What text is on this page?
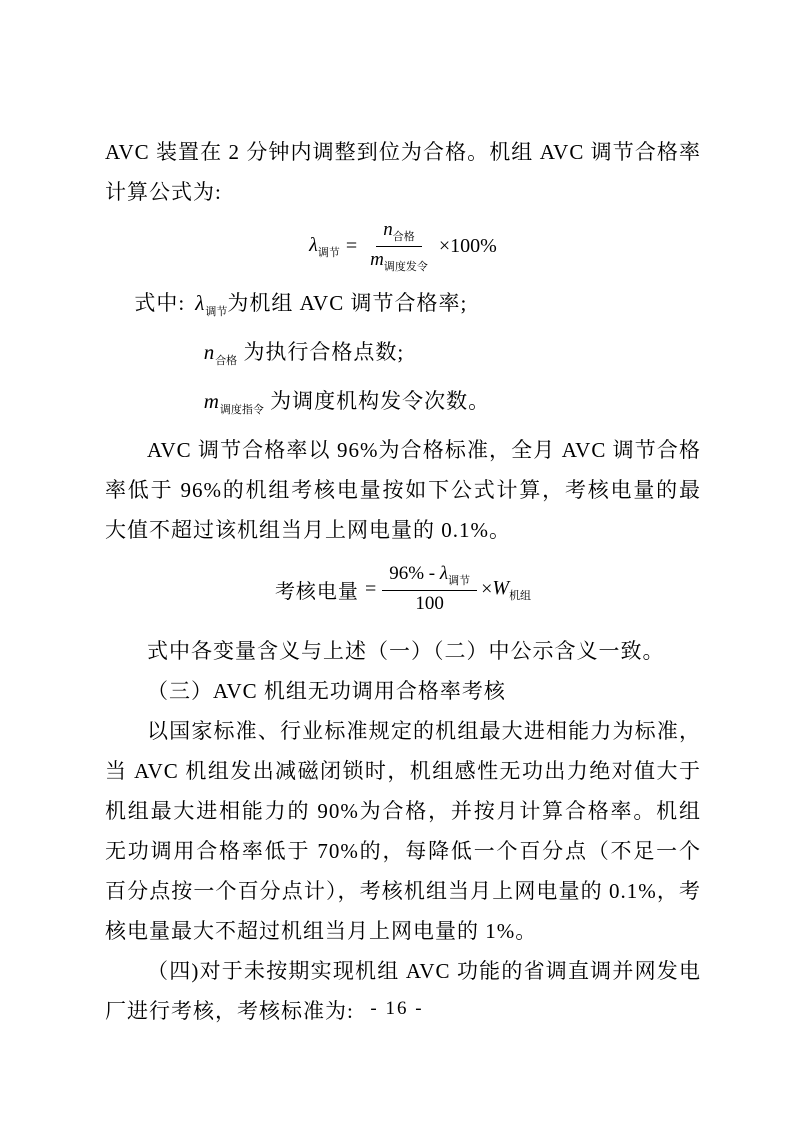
AVC 装置在 2 分钟内调整到位为合格。机组 AVC 调节合格率计算公式为:

$\lambda_{调节} = \frac{n_{合格}}{m_{调度发令}} \times 100\%$

式中: $\lambda_{调节}$为机组 AVC 调节合格率;

$n_{合格}$ 为执行合格点数;

$m_{调度指令}$ 为调度机构发令次数。

AVC 调节合格率以 96%为合格标准，全月 AVC 调节合格率低于 96%的机组考核电量按如下公式计算，考核电量的最大值不超过该机组当月上网电量的 0.1%。

考核电量 = $\frac{96\% - \lambda_{调节}}{100} \times W_{机组}$

式中各变量含义与上述（一）（二）中公示含义一致。

（三）AVC 机组无功调用合格率考核

以国家标准、行业标准规定的机组最大进相能力为标准，当 AVC 机组发出减磁闭锁时，机组感性无功出力绝对值大于机组最大进相能力的 90%为合格，并按月计算合格率。机组无功调用合格率低于 70%的，每降低一个百分点（不足一个百分点按一个百分点计），考核机组当月上网电量的 0.1%，考核电量最大不超过机组当月上网电量的 1%。

（四)对于未按期实现机组 AVC 功能的省调直调并网发电厂进行考核，考核标准为: - 16 -
